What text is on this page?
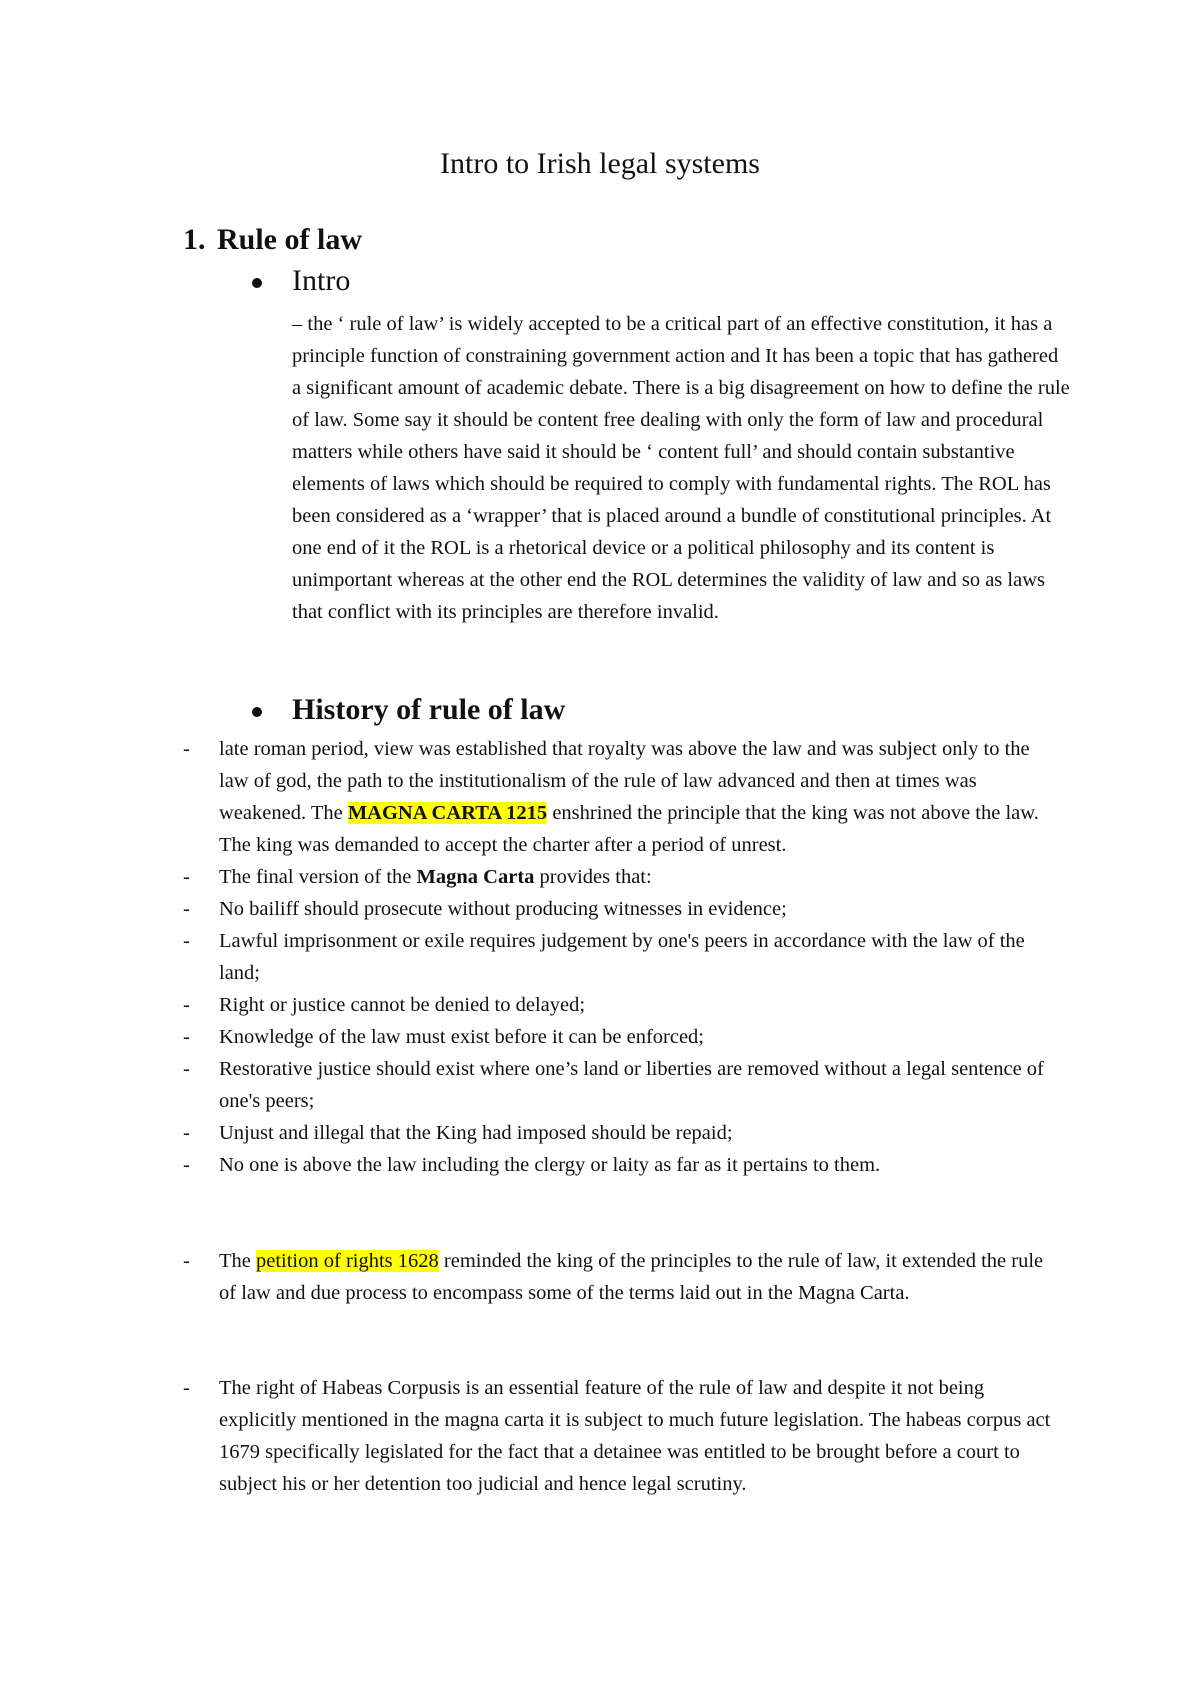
Intro to Irish legal systems
1. Rule of law
Intro
– the ‘ rule of law’ is widely accepted to be a critical part of an effective constitution, it has a principle function of constraining government action and It has been a topic that has gathered a significant amount of academic debate. There is a big disagreement on how to define the rule of law. Some say it should be content free dealing with only the form of law and procedural matters while others have said it should be ‘ content full’ and should contain substantive elements of laws which should be required to comply with fundamental rights. The ROL has been considered as a ‘wrapper’ that is placed around a bundle of constitutional principles. At one end of it the ROL is a rhetorical device or a political philosophy and its content is unimportant whereas at the other end the ROL determines the validity of law and so as laws that conflict with its principles are therefore invalid.
History of rule of law
- late roman period, view was established that royalty was above the law and was subject only to the law of god, the path to the institutionalism of the rule of law advanced and then at times was weakened. The MAGNA CARTA 1215 enshrined the principle that the king was not above the law. The king was demanded to accept the charter after a period of unrest.
- The final version of the Magna Carta provides that:
- No bailiff should prosecute without producing witnesses in evidence;
- Lawful imprisonment or exile requires judgement by one's peers in accordance with the law of the land;
- Right or justice cannot be denied to delayed;
- Knowledge of the law must exist before it can be enforced;
- Restorative justice should exist where one’s land or liberties are removed without a legal sentence of one's peers;
- Unjust and illegal that the King had imposed should be repaid;
- No one is above the law including the clergy or laity as far as it pertains to them.
- The petition of rights 1628 reminded the king of the principles to the rule of law, it extended the rule of law and due process to encompass some of the terms laid out in the Magna Carta.
- The right of Habeas Corpusis is an essential feature of the rule of law and despite it not being explicitly mentioned in the magna carta it is subject to much future legislation. The habeas corpus act 1679 specifically legislated for the fact that a detainee was entitled to be brought before a court to subject his or her detention too judicial and hence legal scrutiny.
